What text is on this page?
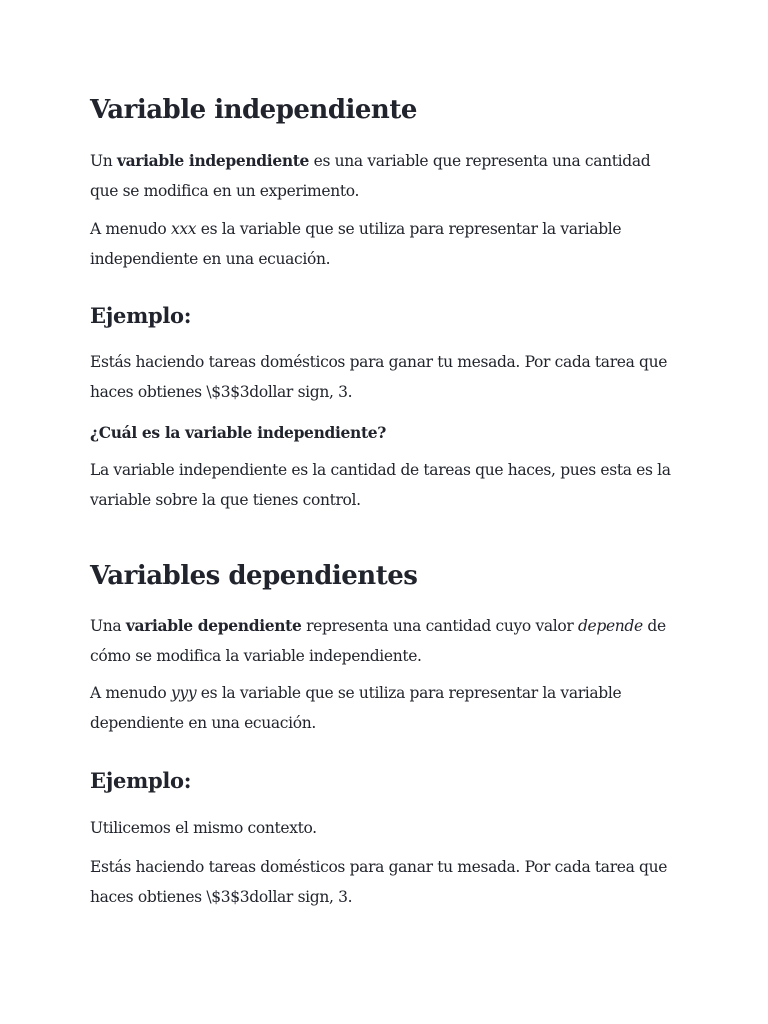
Variable independiente

Un variable independiente es una variable que representa una cantidad que se modifica en un experimento.

A menudo xxx es la variable que se utiliza para representar la variable independiente en una ecuación.

Ejemplo:

Estás haciendo tareas domésticos para ganar tu mesada. Por cada tarea que haces obtienes \$3$3dollar sign, 3.

¿Cuál es la variable independiente?

La variable independiente es la cantidad de tareas que haces, pues esta es la variable sobre la que tienes control.

Variables dependientes

Una variable dependiente representa una cantidad cuyo valor depende de cómo se modifica la variable independiente.

A menudo yyy es la variable que se utiliza para representar la variable dependiente en una ecuación.

Ejemplo:

Utilicemos el mismo contexto.

Estás haciendo tareas domésticos para ganar tu mesada. Por cada tarea que haces obtienes \$3$3dollar sign, 3.
